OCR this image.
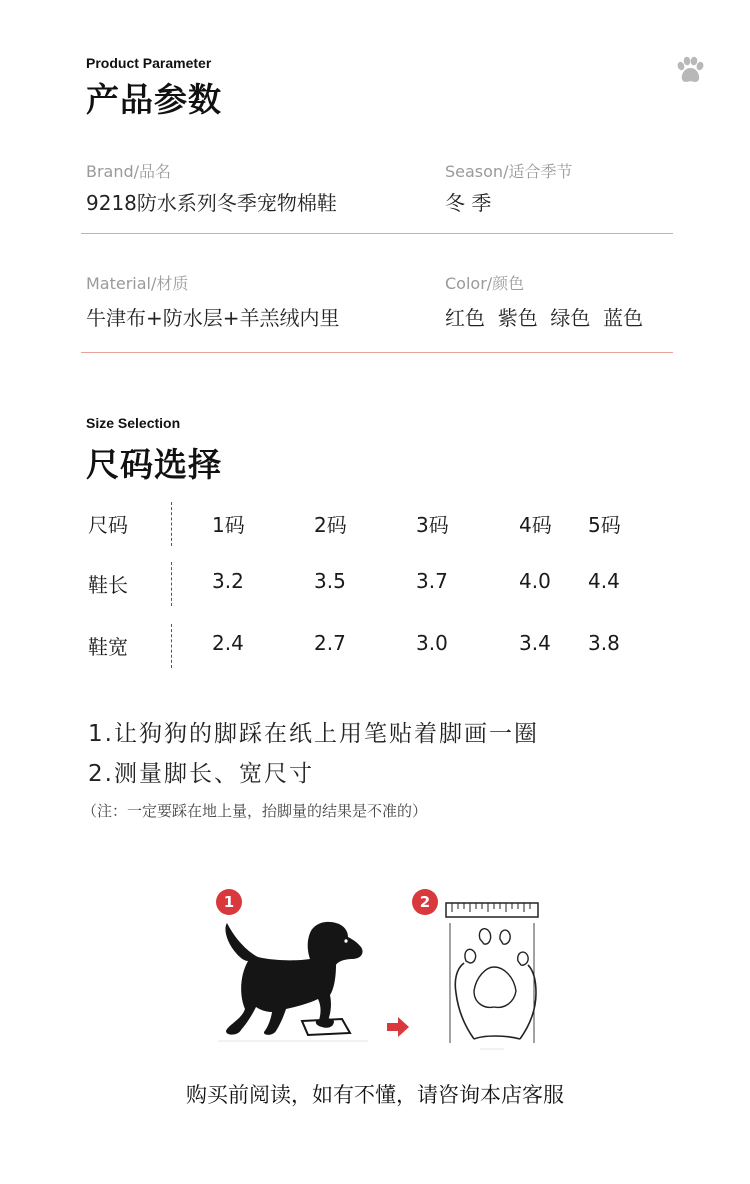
Product Parameter
产品参数
Brand/品名
9218防水系列冬季宠物棉鞋
Season/适合季节
冬 季
Material/材质
牛津布+防水层+羊羔绒内里
Color/颜色
红色  紫色  绿色  蓝色
Size Selection
尺码选择
尺码	1码	2码	3码	4码 5码
鞋长	3.2	3.5	3.7	4.0 4.4
鞋宽	2.4	2.7	3.0	3.4 3.8
1.让狗狗的脚踩在纸上用笔贴着脚画一圈
2.测量脚长、宽尺寸
（注：一定要踩在地上量，抬脚量的结果是不准的）
1	2
购买前阅读，如有不懂，请咨询本店客服
